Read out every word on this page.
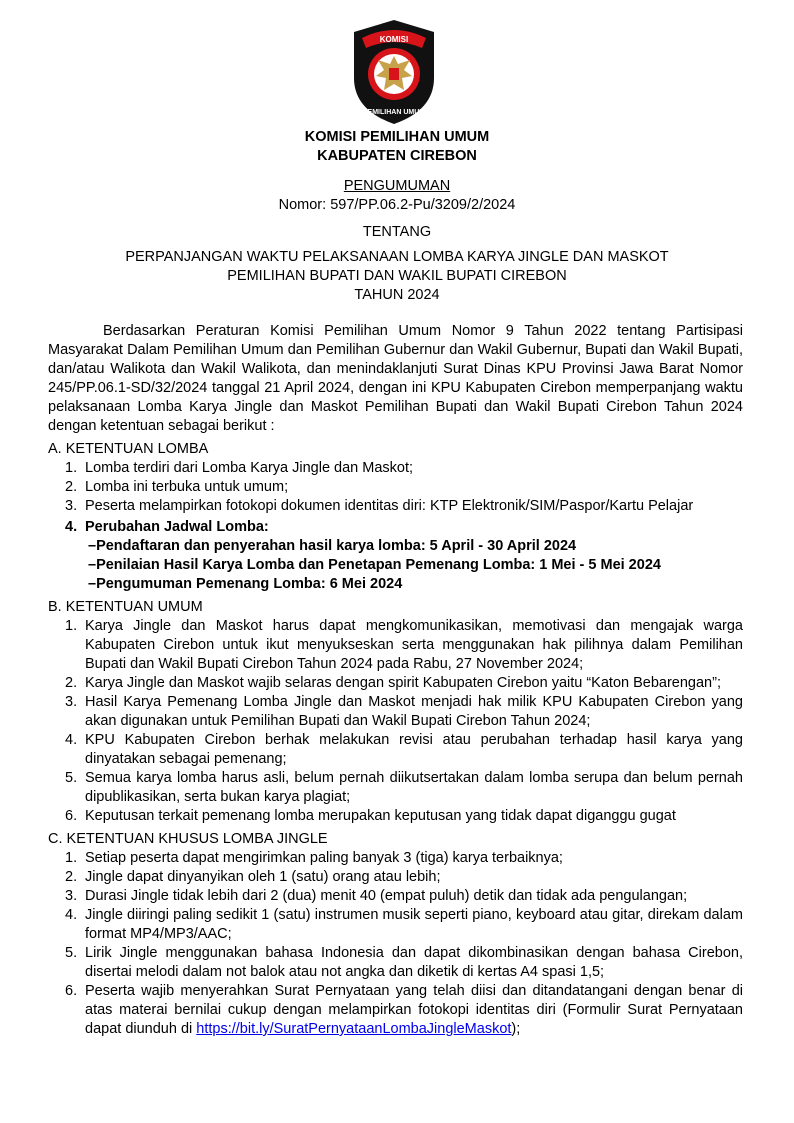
KOMISI
PEMILIHAN UMUM
KOMISI PEMILIHAN UMUM
KABUPATEN CIREBON
PENGUMUMAN
Nomor: 597/PP.06.2-Pu/3209/2/2024
TENTANG
PERPANJANGAN WAKTU PELAKSANAAN LOMBA KARYA JINGLE DAN MASKOT
PEMILIHAN BUPATI DAN WAKIL BUPATI CIREBON
TAHUN 2024

Berdasarkan Peraturan Komisi Pemilihan Umum Nomor 9 Tahun 2022 tentang Partisipasi Masyarakat Dalam Pemilihan Umum dan Pemilihan Gubernur dan Wakil Gubernur, Bupati dan Wakil Bupati, dan/atau Walikota dan Wakil Walikota, dan menindaklanjuti Surat Dinas KPU Provinsi Jawa Barat Nomor 245/PP.06.1-SD/32/2024 tanggal 21 April 2024, dengan ini KPU Kabupaten Cirebon memperpanjang waktu pelaksanaan Lomba Karya Jingle dan Maskot Pemilihan Bupati dan Wakil Bupati Cirebon Tahun 2024 dengan ketentuan sebagai berikut :

A. KETENTUAN LOMBA

1. Lomba terdiri dari Lomba Karya Jingle dan Maskot;
2. Lomba ini terbuka untuk umum;
3. Peserta melampirkan fotokopi dokumen identitas diri: KTP Elektronik/SIM/Paspor/Kartu Pelajar
4. Perubahan Jadwal Lomba:
–Pendaftaran dan penyerahan hasil karya lomba: 5 April - 30 April 2024
–Penilaian Hasil Karya Lomba dan Penetapan Pemenang Lomba: 1 Mei - 5 Mei 2024
–Pengumuman Pemenang Lomba: 6 Mei 2024

B. KETENTUAN UMUM

1. Karya Jingle dan Maskot harus dapat mengkomunikasikan, memotivasi dan mengajak warga Kabupaten Cirebon untuk ikut menyukseskan serta menggunakan hak pilihnya dalam Pemilihan Bupati dan Wakil Bupati Cirebon Tahun 2024 pada Rabu, 27 November 2024;
2. Karya Jingle dan Maskot wajib selaras dengan spirit Kabupaten Cirebon yaitu “Katon Bebarengan”;
3. Hasil Karya Pemenang Lomba Jingle dan Maskot menjadi hak milik KPU Kabupaten Cirebon yang akan digunakan untuk Pemilihan Bupati dan Wakil Bupati Cirebon Tahun 2024;
4. KPU Kabupaten Cirebon berhak melakukan revisi atau perubahan terhadap hasil karya yang dinyatakan sebagai pemenang;
5. Semua karya lomba harus asli, belum pernah diikutsertakan dalam lomba serupa dan belum pernah dipublikasikan, serta bukan karya plagiat;
6. Keputusan terkait pemenang lomba merupakan keputusan yang tidak dapat diganggu gugat

C. KETENTUAN KHUSUS LOMBA JINGLE

1. Setiap peserta dapat mengirimkan paling banyak 3 (tiga) karya terbaiknya;
2. Jingle dapat dinyanyikan oleh 1 (satu) orang atau lebih;
3. Durasi Jingle tidak lebih dari 2 (dua) menit 40 (empat puluh) detik dan tidak ada pengulangan;
4. Jingle diiringi paling sedikit 1 (satu) instrumen musik seperti piano, keyboard atau gitar, direkam dalam format MP4/MP3/AAC;
5. Lirik Jingle menggunakan bahasa Indonesia dan dapat dikombinasikan dengan bahasa Cirebon, disertai melodi dalam not balok atau not angka dan diketik di kertas A4 spasi 1,5;
6. Peserta wajib menyerahkan Surat Pernyataan yang telah diisi dan ditandatangani dengan benar di atas materai bernilai cukup dengan melampirkan fotokopi identitas diri (Formulir Surat Pernyataan dapat diunduh di https://bit.ly/SuratPernyataanLombaJingleMaskot);
